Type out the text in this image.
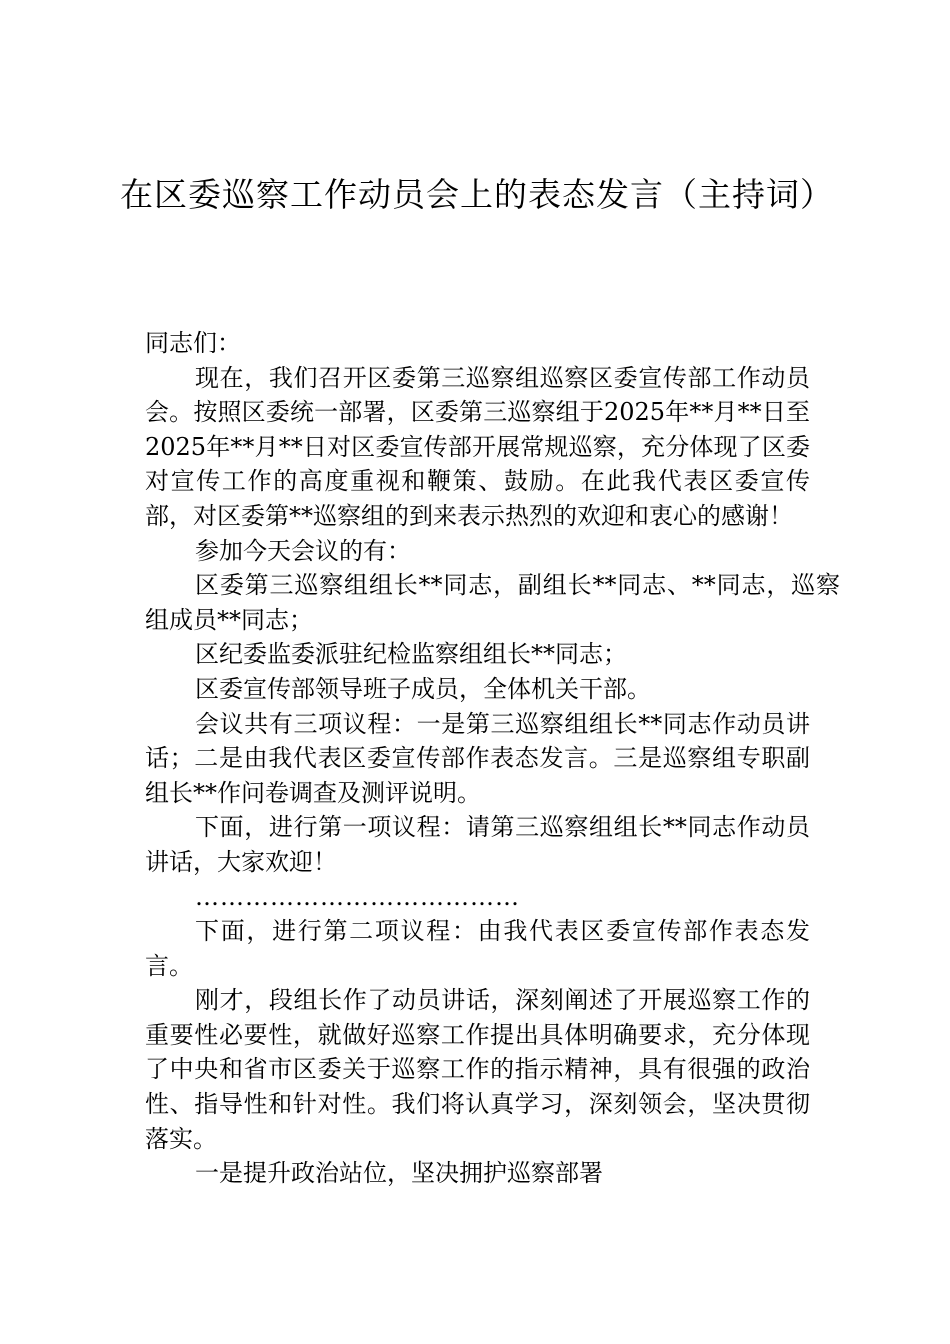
在区委巡察工作动员会上的表态发言（主持词）

同志们：

现在，我们召开区委第三巡察组巡察区委宣传部工作动员会。按照区委统一部署，区委第三巡察组于2025年**月**日至2025年**月**日对区委宣传部开展常规巡察，充分体现了区委对宣传工作的高度重视和鞭策、鼓励。在此我代表区委宣传部，对区委第**巡察组的到来表示热烈的欢迎和衷心的感谢！

参加今天会议的有：

区委第三巡察组组长**同志，副组长**同志、**同志，巡察组成员**同志；

区纪委监委派驻纪检监察组组长**同志；

区委宣传部领导班子成员，全体机关干部。

会议共有三项议程：一是第三巡察组组长**同志作动员讲话；二是由我代表区委宣传部作表态发言。三是巡察组专职副组长**作问卷调查及测评说明。

下面，进行第一项议程：请第三巡察组组长**同志作动员讲话，大家欢迎！

…………………………………

下面，进行第二项议程：由我代表区委宣传部作表态发言。

刚才，段组长作了动员讲话，深刻阐述了开展巡察工作的重要性必要性，就做好巡察工作提出具体明确要求，充分体现了中央和省市区委关于巡察工作的指示精神，具有很强的政治性、指导性和针对性。我们将认真学习，深刻领会，坚决贯彻落实。

一是提升政治站位，坚决拥护巡察部署
